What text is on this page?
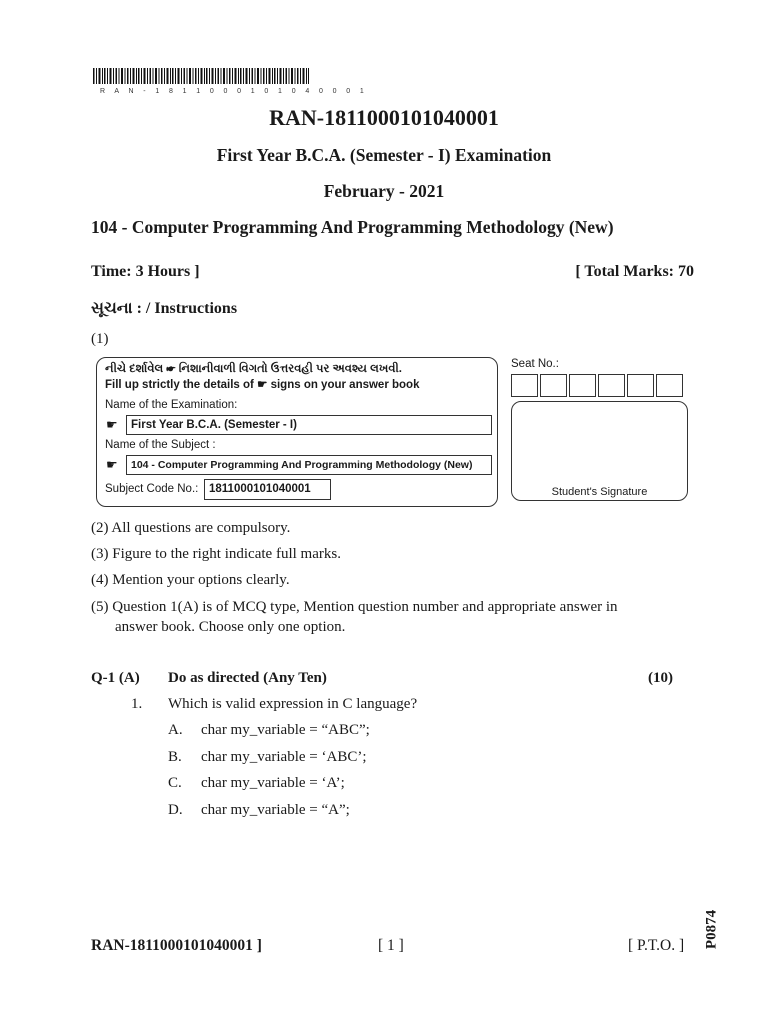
R A N - 1 8 1 1 0 0 0 1 0 1 0 4 0 0 0 1
RAN-1811000101040001
First Year B.C.A. (Semester - I) Examination
February - 2021
104 - Computer Programming And Programming Methodology (New)
Time: 3 Hours ]	[ Total Marks: 70
સૂચના : / Instructions
(1)
નીચે દર્શાવેલ ☛ નિશાનીવાળી વિગતો ઉત્તરવહી પર અવશ્ય લખવી.
Fill up strictly the details of ☛ signs on your answer book
Name of the Examination:
☛	First Year B.C.A. (Semester - I)
Name of the Subject :
☛	104 - Computer Programming And Programming Methodology (New)
Subject Code No.: 1811000101040001
Seat No.:
Student's Signature
(2) All questions are compulsory.
(3) Figure to the right indicate full marks.
(4) Mention your options clearly.
(5) Question 1(A) is of MCQ type, Mention question number and appropriate answer in
answer book. Choose only one option.
Q-1 (A) Do as directed (Any Ten)	(10)
1. Which is valid expression in C language?
A. char my_variable = “ABC”;
B. char my_variable = ‘ABC’;
C. char my_variable = ‘A’;
D. char my_variable = “A”;
RAN-1811000101040001 ]	[ 1 ]	[ P.T.O. ] P0874
